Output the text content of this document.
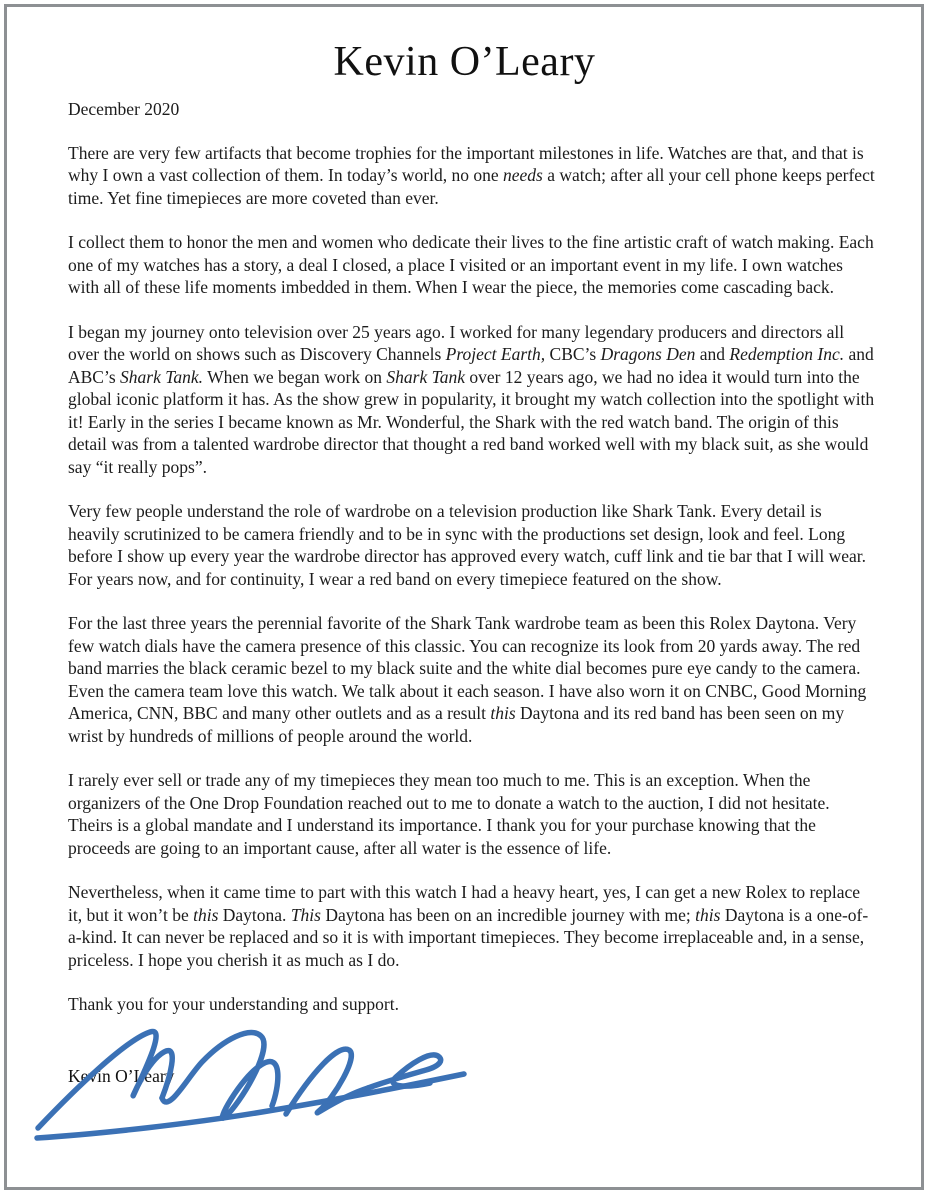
Kevin O’Leary
December 2020

There are very few artifacts that become trophies for the important milestones in life. Watches are that, and that is why I own a vast collection of them. In today’s world, no one needs a watch; after all your cell phone keeps perfect time. Yet fine timepieces are more coveted than ever.

I collect them to honor the men and women who dedicate their lives to the fine artistic craft of watch making. Each one of my watches has a story, a deal I closed, a place I visited or an important event in my life. I own watches with all of these life moments imbedded in them. When I wear the piece, the memories come cascading back.

I began my journey onto television over 25 years ago. I worked for many legendary producers and directors all over the world on shows such as Discovery Channels Project Earth, CBC’s Dragons Den and Redemption Inc. and ABC’s Shark Tank. When we began work on Shark Tank over 12 years ago, we had no idea it would turn into the global iconic platform it has. As the show grew in popularity, it brought my watch collection into the spotlight with it! Early in the series I became known as Mr. Wonderful, the Shark with the red watch band. The origin of this detail was from a talented wardrobe director that thought a red band worked well with my black suit, as she would say “it really pops”.

Very few people understand the role of wardrobe on a television production like Shark Tank. Every detail is heavily scrutinized to be camera friendly and to be in sync with the productions set design, look and feel. Long before I show up every year the wardrobe director has approved every watch, cuff link and tie bar that I will wear. For years now, and for continuity, I wear a red band on every timepiece featured on the show.

For the last three years the perennial favorite of the Shark Tank wardrobe team as been this Rolex Daytona. Very few watch dials have the camera presence of this classic. You can recognize its look from 20 yards away. The red band marries the black ceramic bezel to my black suite and the white dial becomes pure eye candy to the camera. Even the camera team love this watch. We talk about it each season. I have also worn it on CNBC, Good Morning America, CNN, BBC and many other outlets and as a result this Daytona and its red band has been seen on my wrist by hundreds of millions of people around the world.

I rarely ever sell or trade any of my timepieces they mean too much to me. This is an exception. When the organizers of the One Drop Foundation reached out to me to donate a watch to the auction, I did not hesitate. Theirs is a global mandate and I understand its importance. I thank you for your purchase knowing that the proceeds are going to an important cause, after all water is the essence of life.

Nevertheless, when it came time to part with this watch I had a heavy heart, yes, I can get a new Rolex to replace it, but it won’t be this Daytona. This Daytona has been on an incredible journey with me; this Daytona is a one-of-a-kind. It can never be replaced and so it is with important timepieces. They become irreplaceable and, in a sense, priceless. I hope you cherish it as much as I do.

Thank you for your understanding and support.
Kevin O’Leary
